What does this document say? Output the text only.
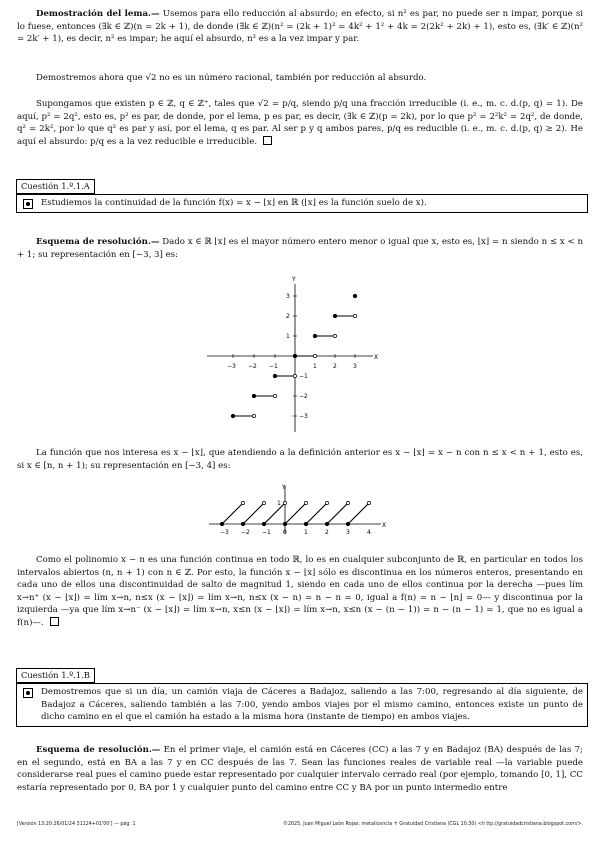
Demostración del lema.— Usemos para ello reducción al absurdo; en efecto, si n² es par, no puede ser n impar, porque si lo fuese, entonces (∃k ∈ ℤ)(n = 2k + 1), de donde (∃k ∈ ℤ)(n² = (2k + 1)² = 4k² + 1² + 4k = 2(2k² + 2k) + 1), esto es, (∃k′ ∈ ℤ)(n² = 2k′ + 1), es decir, n² es impar; he aquí el absurdo, n² es a la vez impar y par.

Demostremos ahora que √2 no es un número racional, también por reducción al absurdo.

Supongamos que existen p ∈ ℤ, q ∈ ℤ⁺, tales que √2 = p/q, siendo p/q una fracción irreducible (i. e., m. c. d.(p, q) = 1). De aquí, p² = 2q², esto es, p² es par, de donde, por el lema, p es par, es decir, (∃k ∈ ℤ)(p = 2k), por lo que p² = 2²k² = 2q², de donde, q² = 2k², por lo que q² es par y así, por el lema, q es par. Al ser p y q ambos pares, p/q es reducible (i. e., m. c. d.(p, q) ≥ 2). He aquí el absurdo: p/q es a la vez reducible e irreducible.

Cuestión 1.º.1.A
Estudiemos la continuidad de la función f(x) = x − ⌊x⌋ en ℝ (⌊x⌋ es la función suelo de x).

Esquema de resolución.— Dado x ∈ ℝ ⌊x⌋ es el mayor número entero menor o igual que x, esto es, ⌊x⌋ = n siendo n ≤ x < n + 1; su representación en [−3, 3] es:

X
Y
−3 −2 −1	1	2	3
3
2
1
−1
−2
−3

La función que nos interesa es x − ⌊x⌋, que atendiendo a la definición anterior es x − ⌊x⌋ = x − n con n ≤ x < n + 1, esto es, si x ∈ [n, n + 1); su representación en [−3, 4] es:

X
Y
1
−3 −2 −1 0	1	2	3	4

Como el polinomio x − n es una función continua en todo ℝ, lo es en cualquier subconjunto de ℝ, en particular en todos los intervalos abiertos (n, n + 1) con n ∈ ℤ. Por esto, la función x − ⌊x⌋ sólo es discontinua en los números enteros, presentando en cada uno de ellos una discontinuidad de salto de magnitud 1, siendo en cada uno de ellos continua por la derecha —pues lím x→n⁺ (x − ⌊x⌋) = lím x→n, n≤x (x − ⌊x⌋) = lím x→n, n≤x (x − n) = n − n = 0, igual a f(n) = n − ⌊n⌋ = 0— y discontinua por la izquierda —ya que lím x→n⁻ (x − ⌊x⌋) = lím x→n, x≤n (x − ⌊x⌋) = lím x→n, x≤n (x − (n − 1)) = n − (n − 1) = 1, que no es igual a f(n)—.

Cuestión 1.º.1.B
Demostremos que si un día, un camión viaja de Cáceres a Badajoz, saliendo a las 7:00, regresando al día siguiente, de Badajoz a Cáceres, saliendo también a las 7:00, yendo ambos viajes por el mismo camino, entonces existe un punto de dicho camino en el que el camión ha estado a la misma hora (instante de tiempo) en ambos viajes.

Esquema de resolución.— En el primer viaje, el camión está en Cáceres (CC) a las 7 y en Badajoz (BA) después de las 7; en el segundo, está en BA a las 7 y en CC después de las 7. Sean las funciones reales de variable real —la variable puede considerarse real pues el camino puede estar representado por cualquier intervalo cerrado real (por ejemplo, tomando [0, 1], CC estaría representado por 0, BA por 1 y cualquier punto del camino entre CC y BA por un punto intermedio entre

[Versión 13:20:26/01/24 31124+01'00'] — pág. 1	©2025, Juan Miguel León Rojas; metalicencia ✝ Gratuidad Cristiana (CGL 10.30) <h ttp://gratuidadcristiana.blogspot.com/>.
